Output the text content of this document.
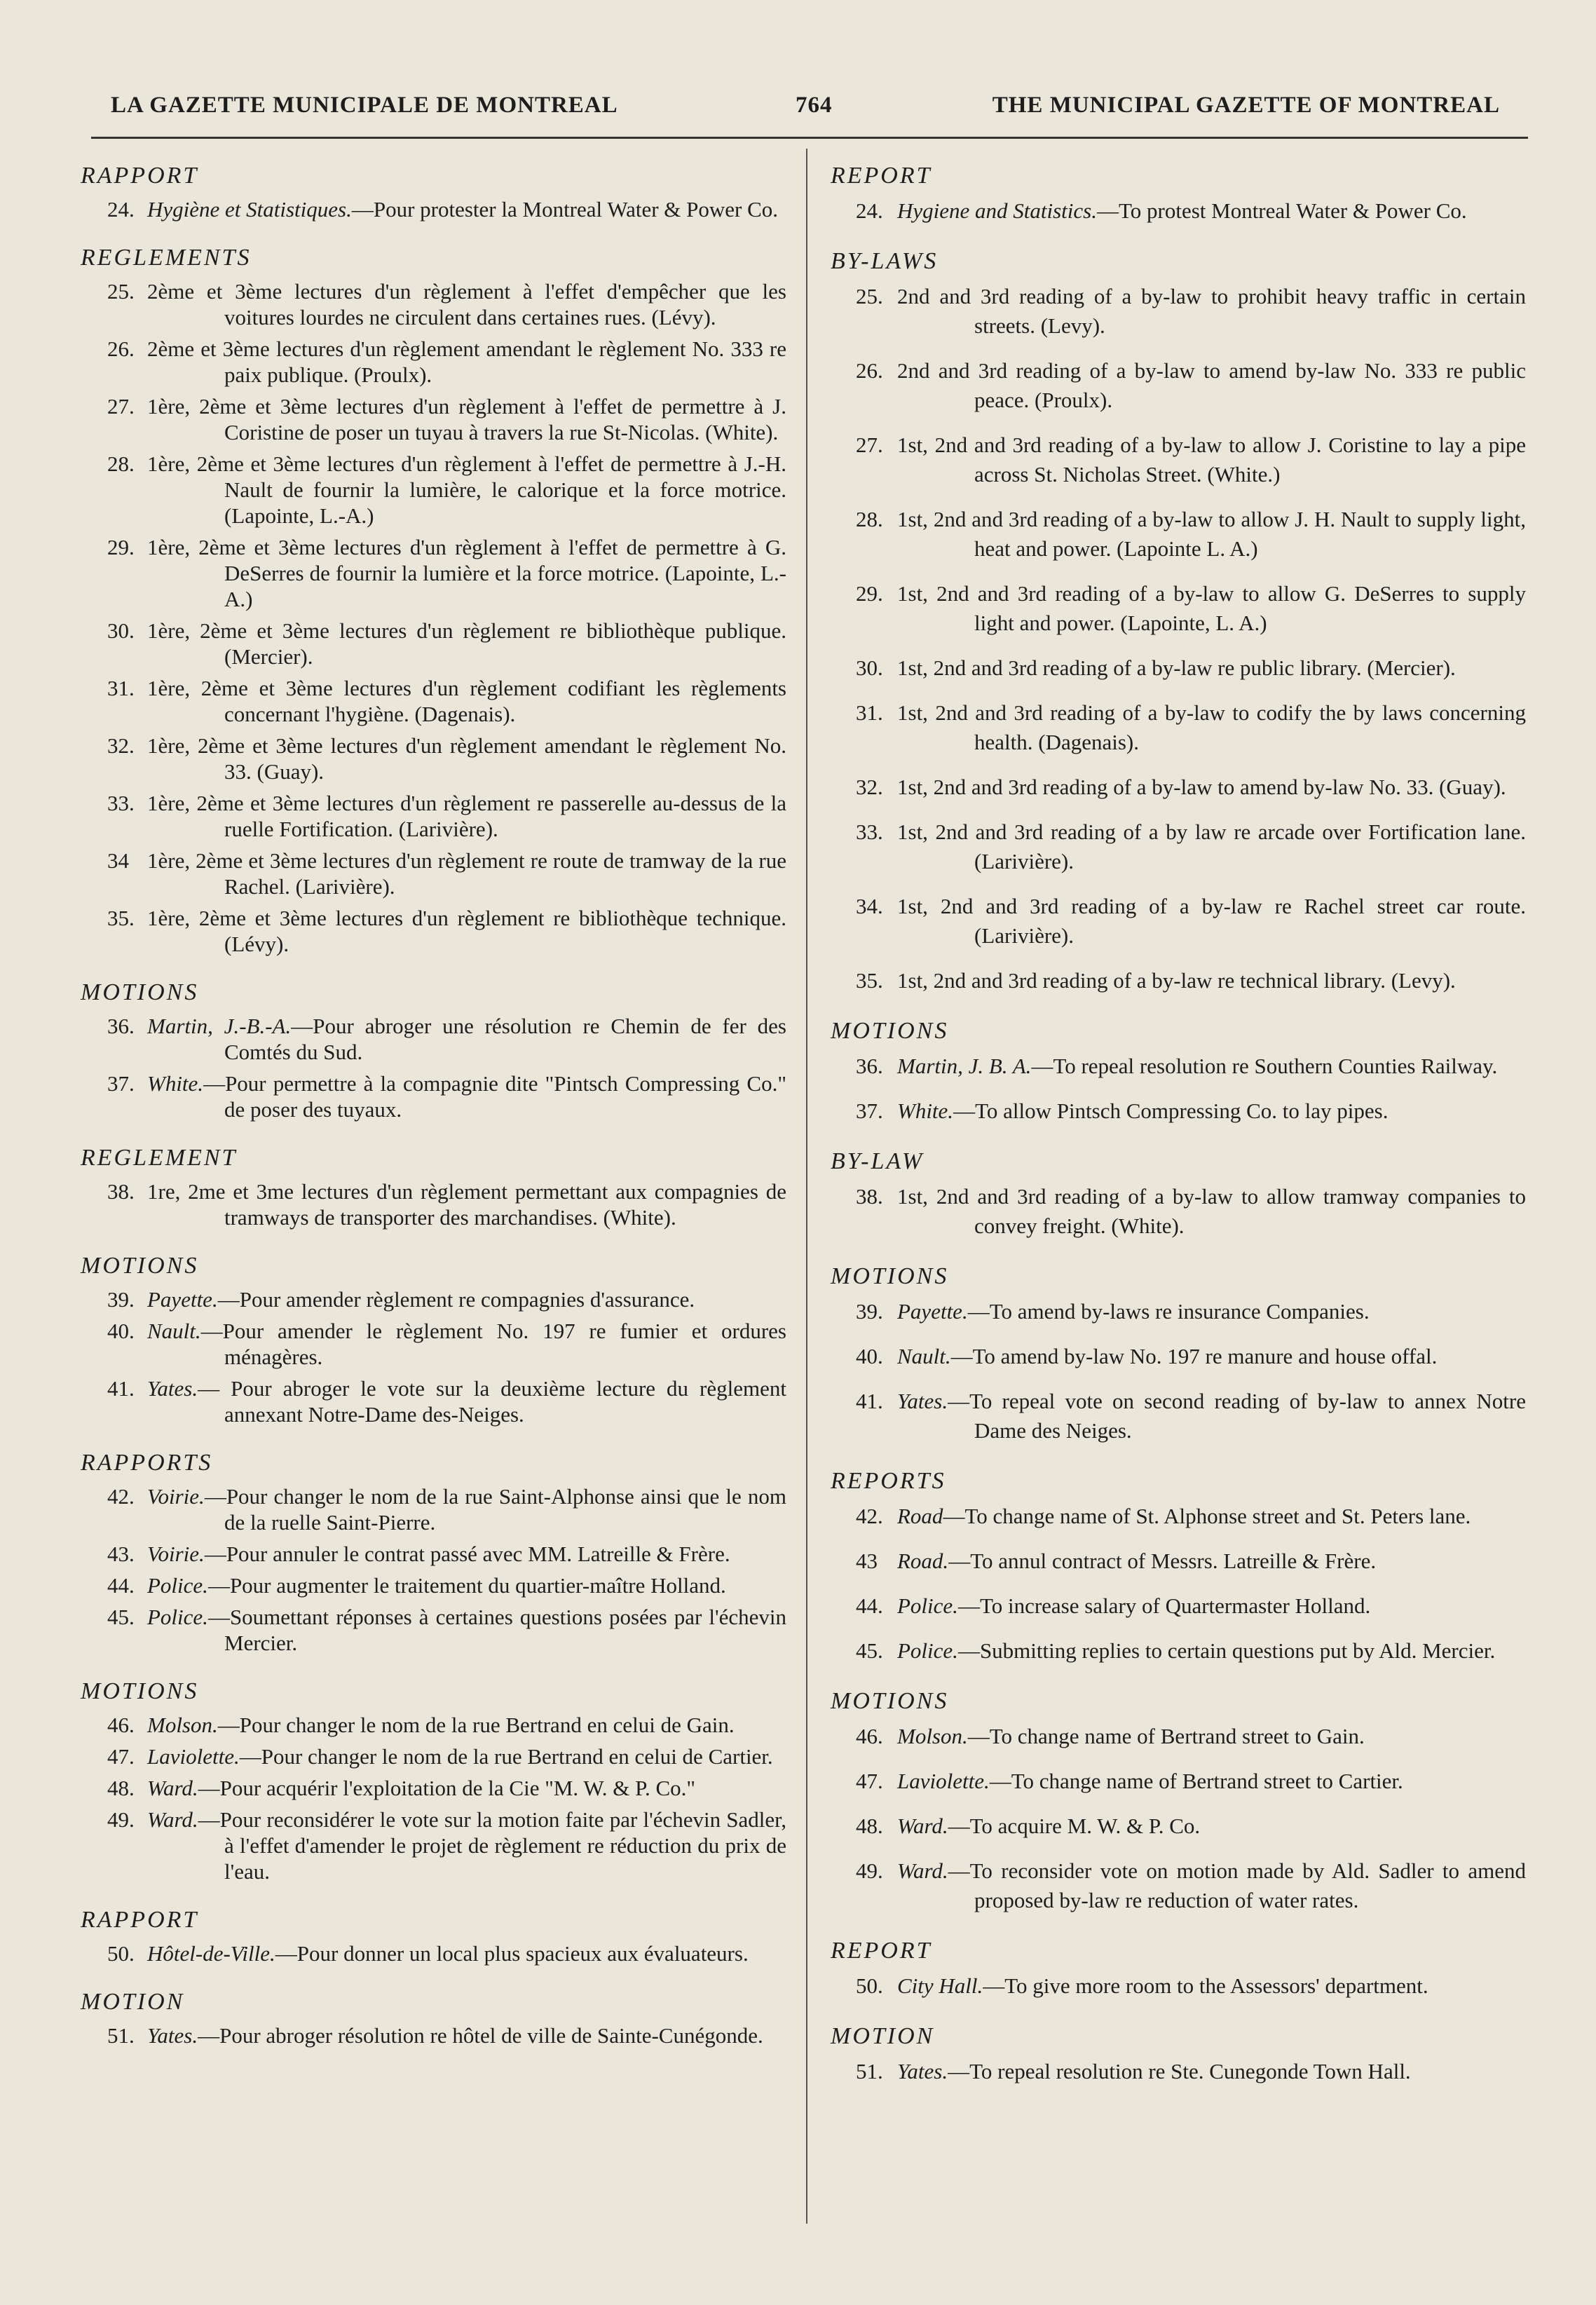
LA GAZETTE MUNICIPALE DE MONTREAL	764	THE MUNICIPAL GAZETTE OF MONTREAL
RAPPORT
24. Hygiène et Statistiques.—Pour protester la Montreal Water & Power Co.
REGLEMENTS
25. 2ème et 3ème lectures d'un règlement à l'effet d'empêcher que les voitures lourdes ne circulent dans certaines rues. (Lévy).
26. 2ème et 3ème lectures d'un règlement amendant le règlement No. 333 re paix publique. (Proulx).
27. 1ère, 2ème et 3ème lectures d'un règlement à l'effet de permettre à J. Coristine de poser un tuyau à travers la rue St-Nicolas. (White).
28. 1ère, 2ème et 3ème lectures d'un règlement à l'effet de permettre à J.-H. Nault de fournir la lumière, le calorique et la force motrice. (Lapointe, L.-A.)
29. 1ère, 2ème et 3ème lectures d'un règlement à l'effet de permettre à G. DeSerres de fournir la lumière et la force motrice. (Lapointe, L.-A.)
30. 1ère, 2ème et 3ème lectures d'un règlement re bibliothèque publique. (Mercier).
31. 1ère, 2ème et 3ème lectures d'un règlement codifiant les règlements concernant l'hygiène. (Dagenais).
32. 1ère, 2ème et 3ème lectures d'un règlement amendant le règlement No. 33. (Guay).
33. 1ère, 2ème et 3ème lectures d'un règlement re passerelle au-dessus de la ruelle Fortification. (Larivière).
34 1ère, 2ème et 3ème lectures d'un règlement re route de tramway de la rue Rachel. (Larivière).
35. 1ère, 2ème et 3ème lectures d'un règlement re bibliothèque technique. (Lévy).
MOTIONS
36. Martin, J.-B.-A.—Pour abroger une résolution re Chemin de fer des Comtés du Sud.
37. White.—Pour permettre à la compagnie dite "Pintsch Compressing Co." de poser des tuyaux.
REGLEMENT
38. 1re, 2me et 3me lectures d'un règlement permettant aux compagnies de tramways de transporter des marchandises. (White).
MOTIONS
39. Payette.—Pour amender règlement re compagnies d'assurance.
40. Nault.—Pour amender le règlement No. 197 re fumier et ordures ménagères.
41. Yates.— Pour abroger le vote sur la deuxième lecture du règlement annexant Notre-Dame des-Neiges.
RAPPORTS
42. Voirie.—Pour changer le nom de la rue Saint-Alphonse ainsi que le nom de la ruelle Saint-Pierre.
43. Voirie.—Pour annuler le contrat passé avec MM. Latreille & Frère.
44. Police.—Pour augmenter le traitement du quartier-maître Holland.
45. Police.—Soumettant réponses à certaines questions posées par l'échevin Mercier.
MOTIONS
46. Molson.—Pour changer le nom de la rue Bertrand en celui de Gain.
47. Laviolette.—Pour changer le nom de la rue Bertrand en celui de Cartier.
48. Ward.—Pour acquérir l'exploitation de la Cie "M. W. & P. Co."
49. Ward.—Pour reconsidérer le vote sur la motion faite par l'échevin Sadler, à l'effet d'amender le projet de règlement re réduction du prix de l'eau.
RAPPORT
50. Hôtel-de-Ville.—Pour donner un local plus spacieux aux évaluateurs.
MOTION
51. Yates.—Pour abroger résolution re hôtel de ville de Sainte-Cunégonde.
REPORT
24. Hygiene and Statistics.—To protest Montreal Water & Power Co.
BY-LAWS
25. 2nd and 3rd reading of a by-law to prohibit heavy traffic in certain streets. (Levy).
26. 2nd and 3rd reading of a by-law to amend by-law No. 333 re public peace. (Proulx).
27. 1st, 2nd and 3rd reading of a by-law to allow J. Coristine to lay a pipe across St. Nicholas Street. (White.)
28. 1st, 2nd and 3rd reading of a by-law to allow J. H. Nault to supply light, heat and power. (Lapointe L. A.)
29. 1st, 2nd and 3rd reading of a by-law to allow G. DeSerres to supply light and power. (Lapointe, L. A.)
30. 1st, 2nd and 3rd reading of a by-law re public library. (Mercier).
31. 1st, 2nd and 3rd reading of a by-law to codify the by laws concerning health. (Dagenais).
32. 1st, 2nd and 3rd reading of a by-law to amend by-law No. 33. (Guay).
33. 1st, 2nd and 3rd reading of a by law re arcade over Fortification lane. (Larivière).
34. 1st, 2nd and 3rd reading of a by-law re Rachel street car route. (Larivière).
35. 1st, 2nd and 3rd reading of a by-law re technical library. (Levy).
MOTIONS
36. Martin, J. B. A.—To repeal resolution re Southern Counties Railway.
37. White.—To allow Pintsch Compressing Co. to lay pipes.
BY-LAW
38. 1st, 2nd and 3rd reading of a by-law to allow tramway companies to convey freight. (White).
MOTIONS
39. Payette.—To amend by-laws re insurance Companies.
40. Nault.—To amend by-law No. 197 re manure and house offal.
41. Yates.—To repeal vote on second reading of by-law to annex Notre Dame des Neiges.
REPORTS
42. Road—To change name of St. Alphonse street and St. Peters lane.
43 Road.—To annul contract of Messrs. Latreille & Frère.
44. Police.—To increase salary of Quartermaster Holland.
45. Police.—Submitting replies to certain questions put by Ald. Mercier.
MOTIONS
46. Molson.—To change name of Bertrand street to Gain.
47. Laviolette.—To change name of Bertrand street to Cartier.
48. Ward.—To acquire M. W. & P. Co.
49. Ward.—To reconsider vote on motion made by Ald. Sadler to amend proposed by-law re reduction of water rates.
REPORT
50. City Hall.—To give more room to the Assessors' department.
MOTION
51. Yates.—To repeal resolution re Ste. Cunegonde Town Hall.
